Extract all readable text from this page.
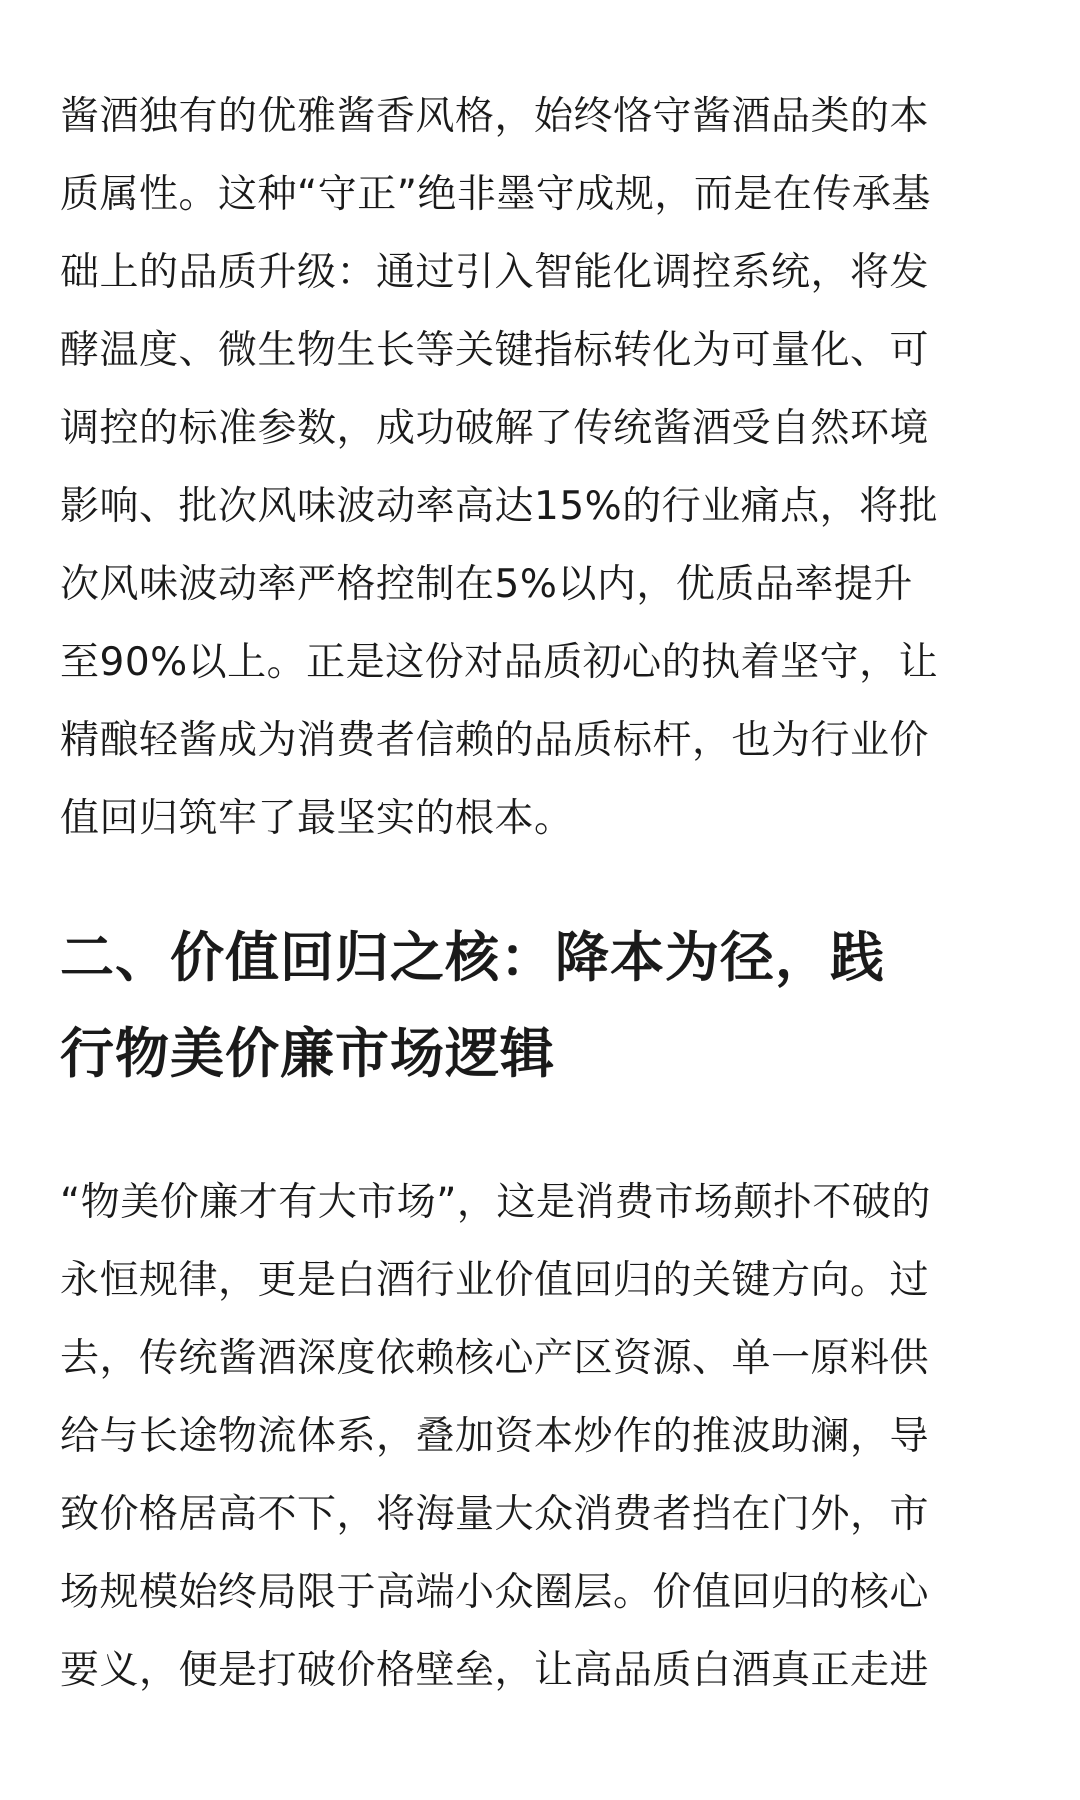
酱酒独有的优雅酱香风格，始终恪守酱酒品类的本
质属性。这种“守正”绝非墨守成规，而是在传承基
础上的品质升级：通过引入智能化调控系统，将发
酵温度、微生物生长等关键指标转化为可量化、可
调控的标准参数，成功破解了传统酱酒受自然环境
影响、批次风味波动率高达15%的行业痛点，将批
次风味波动率严格控制在5%以内，优质品率提升
至90%以上。正是这份对品质初心的执着坚守，让
精酿轻酱成为消费者信赖的品质标杆，也为行业价
值回归筑牢了最坚实的根本。

二、价值回归之核：降本为径，践
行物美价廉市场逻辑

“物美价廉才有大市场”，这是消费市场颠扑不破的
永恒规律，更是白酒行业价值回归的关键方向。过
去，传统酱酒深度依赖核心产区资源、单一原料供
给与长途物流体系，叠加资本炒作的推波助澜，导
致价格居高不下，将海量大众消费者挡在门外，市
场规模始终局限于高端小众圈层。价值回归的核心
要义，便是打破价格壁垒，让高品质白酒真正走进
